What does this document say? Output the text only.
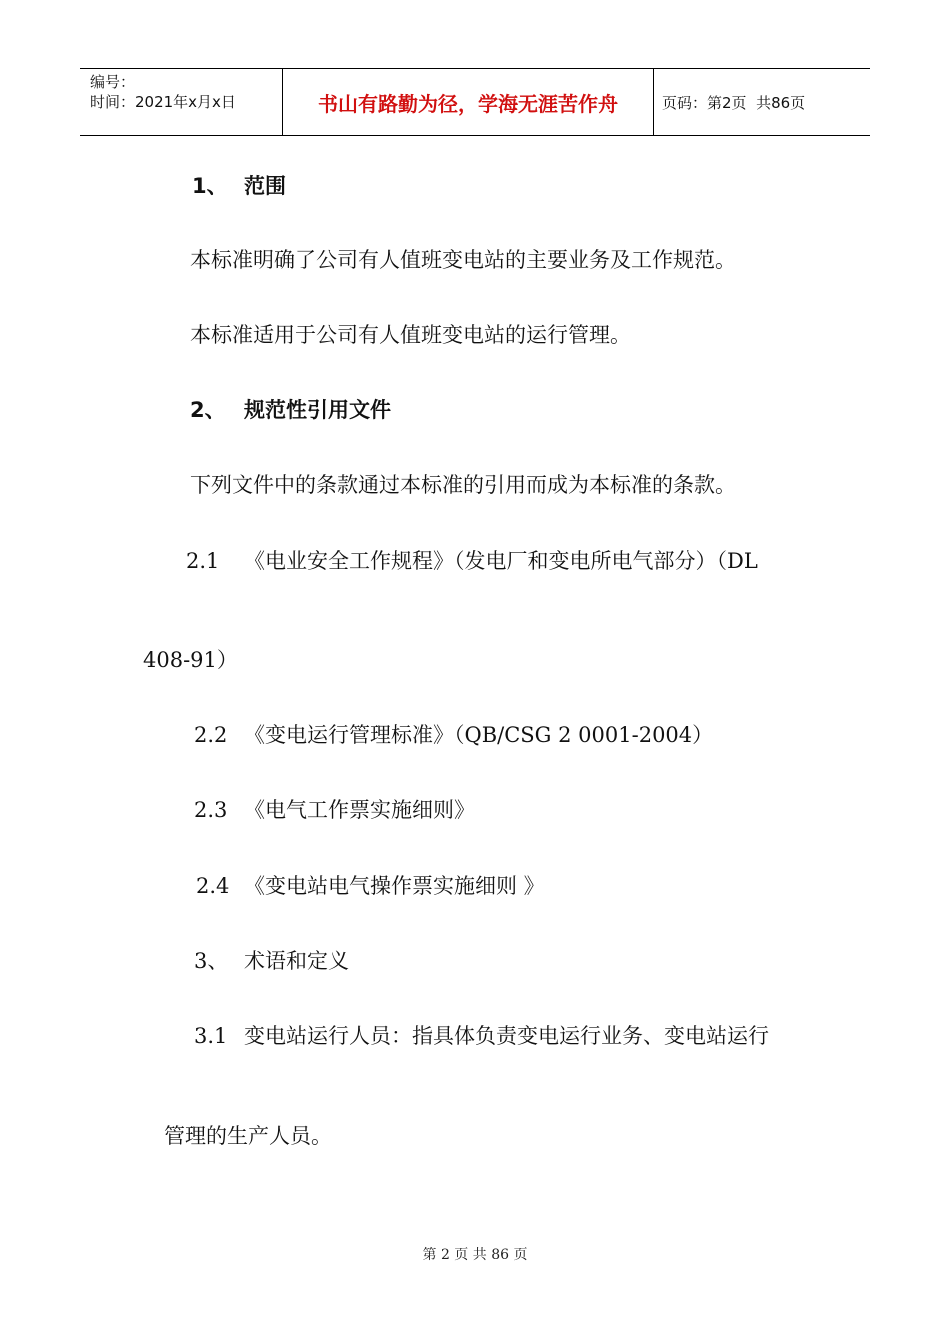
编号：
时间：2021年x月x日	书山有路勤为径，学海无涯苦作舟	页码：第2页  共86页
1、 范围
本标准明确了公司有人值班变电站的主要业务及工作规范。
本标准适用于公司有人值班变电站的运行管理。
2、 规范性引用文件
下列文件中的条款通过本标准的引用而成为本标准的条款。
2.1 《电业安全工作规程》（发电厂和变电所电气部分）（DL
408-91）
2.2 《变电运行管理标准》（QB/CSG 2 0001-2004）
2.3 《电气工作票实施细则》
2.4 《变电站电气操作票实施细则 》
3、 术语和定义
3.1 变电站运行人员：指具体负责变电运行业务、变电站运行
管理的生产人员。
第 2 页 共 86 页
